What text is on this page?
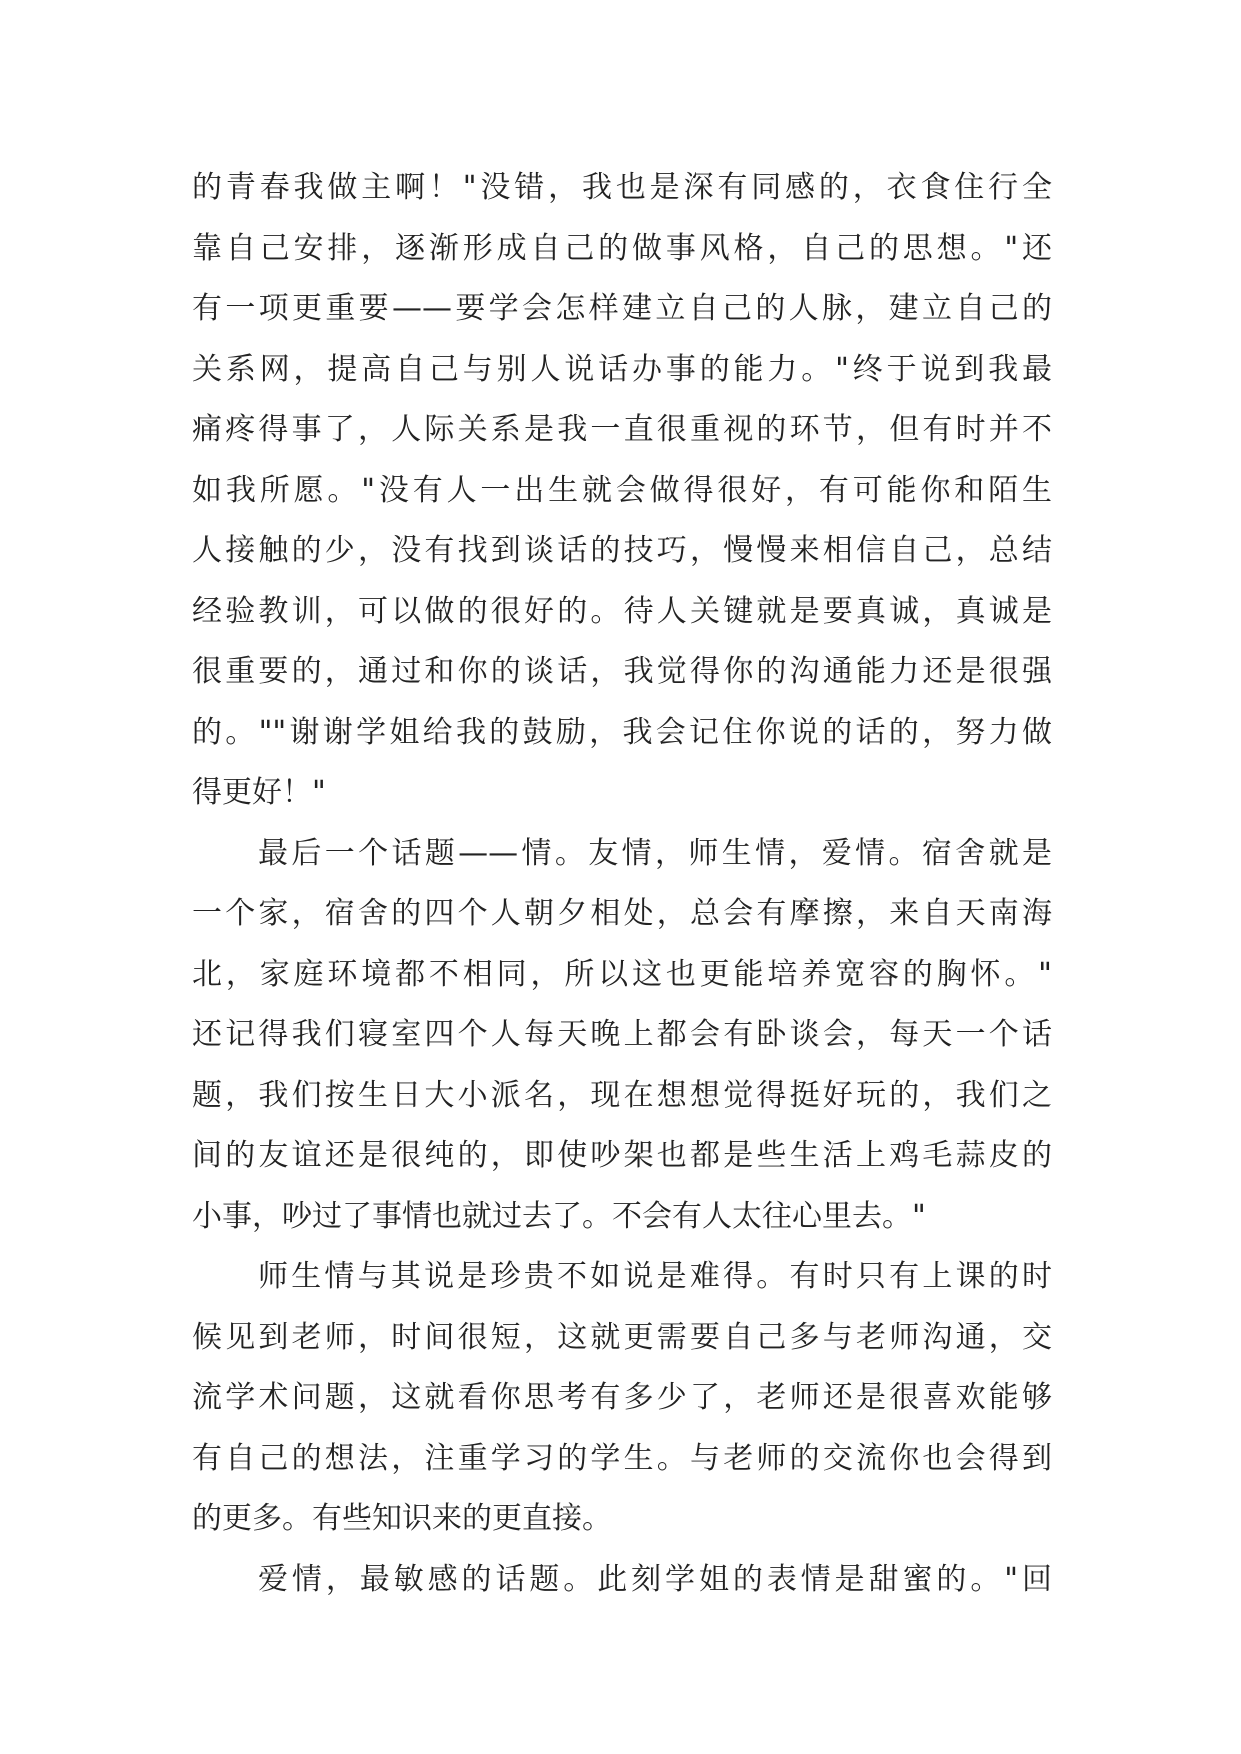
的青春我做主啊！"没错，我也是深有同感的，衣食住行全
靠自己安排，逐渐形成自己的做事风格，自己的思想。"还
有一项更重要——要学会怎样建立自己的人脉，建立自己的
关系网，提高自己与别人说话办事的能力。"终于说到我最
痛疼得事了，人际关系是我一直很重视的环节，但有时并不
如我所愿。"没有人一出生就会做得很好，有可能你和陌生
人接触的少，没有找到谈话的技巧，慢慢来相信自己，总结
经验教训，可以做的很好的。待人关键就是要真诚，真诚是
很重要的，通过和你的谈话，我觉得你的沟通能力还是很强
的。""谢谢学姐给我的鼓励，我会记住你说的话的，努力做
得更好！"
最后一个话题——情。友情，师生情，爱情。宿舍就是
一个家，宿舍的四个人朝夕相处，总会有摩擦，来自天南海
北，家庭环境都不相同，所以这也更能培养宽容的胸怀。"
还记得我们寝室四个人每天晚上都会有卧谈会，每天一个话
题，我们按生日大小派名，现在想想觉得挺好玩的，我们之
间的友谊还是很纯的，即使吵架也都是些生活上鸡毛蒜皮的
小事，吵过了事情也就过去了。不会有人太往心里去。"
师生情与其说是珍贵不如说是难得。有时只有上课的时
候见到老师，时间很短，这就更需要自己多与老师沟通，交
流学术问题，这就看你思考有多少了，老师还是很喜欢能够
有自己的想法，注重学习的学生。与老师的交流你也会得到
的更多。有些知识来的更直接。
爱情，最敏感的话题。此刻学姐的表情是甜蜜的。"回
